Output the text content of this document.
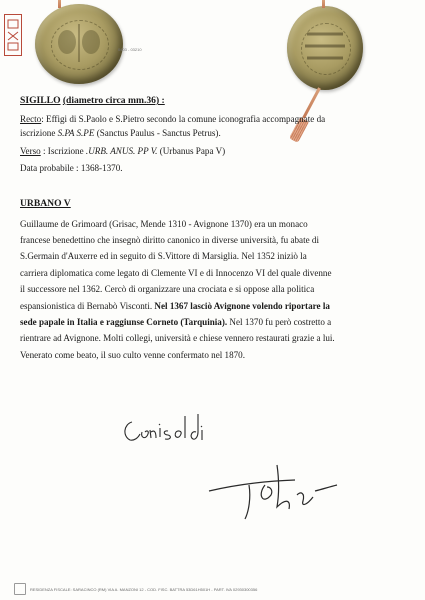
0403 - 03210
SIGILLO (diametro circa mm.36) :
Recto: Effigi di S.Paolo e S.Pietro secondo la comune iconografia accompagnate da
iscrizione S.PA S.PE (Sanctus Paulus - Sanctus Petrus).
Verso : Iscrizione .URB. ANUS. PP V. (Urbanus Papa V)
Data probabile : 1368-1370.
URBANO V
Guillaume de Grimoard (Grisac, Mende 1310 - Avignone 1370) era un monaco
francese benedettino che insegnò diritto canonico in diverse università, fu abate di
S.Germain d'Auxerre ed in seguito di S.Vittore di Marsiglia. Nel 1352 iniziò la
carriera diplomatica come legato di Clemente VI e di Innocenzo VI del quale divenne
il successore nel 1362. Cercò di organizzare una crociata e si oppose alla politica
espansionistica di Bernabò Visconti. Nel 1367 lasciò Avignone volendo riportare la
sede papale in Italia e raggiunse Corneto (Tarquinia). Nel 1370 fu però costretto a
rientrare ad Avignone. Molti collegi, università e chiese vennero restaurati grazie a lui.
Venerato come beato, il suo culto venne confermato nel 1870.
RESIDENZA FISCALE: SARACINCO (RM) VIA A. MANZONI 12 - COD. FISC. BATTRA 53D61H501H - PART. IVA 02930300356
